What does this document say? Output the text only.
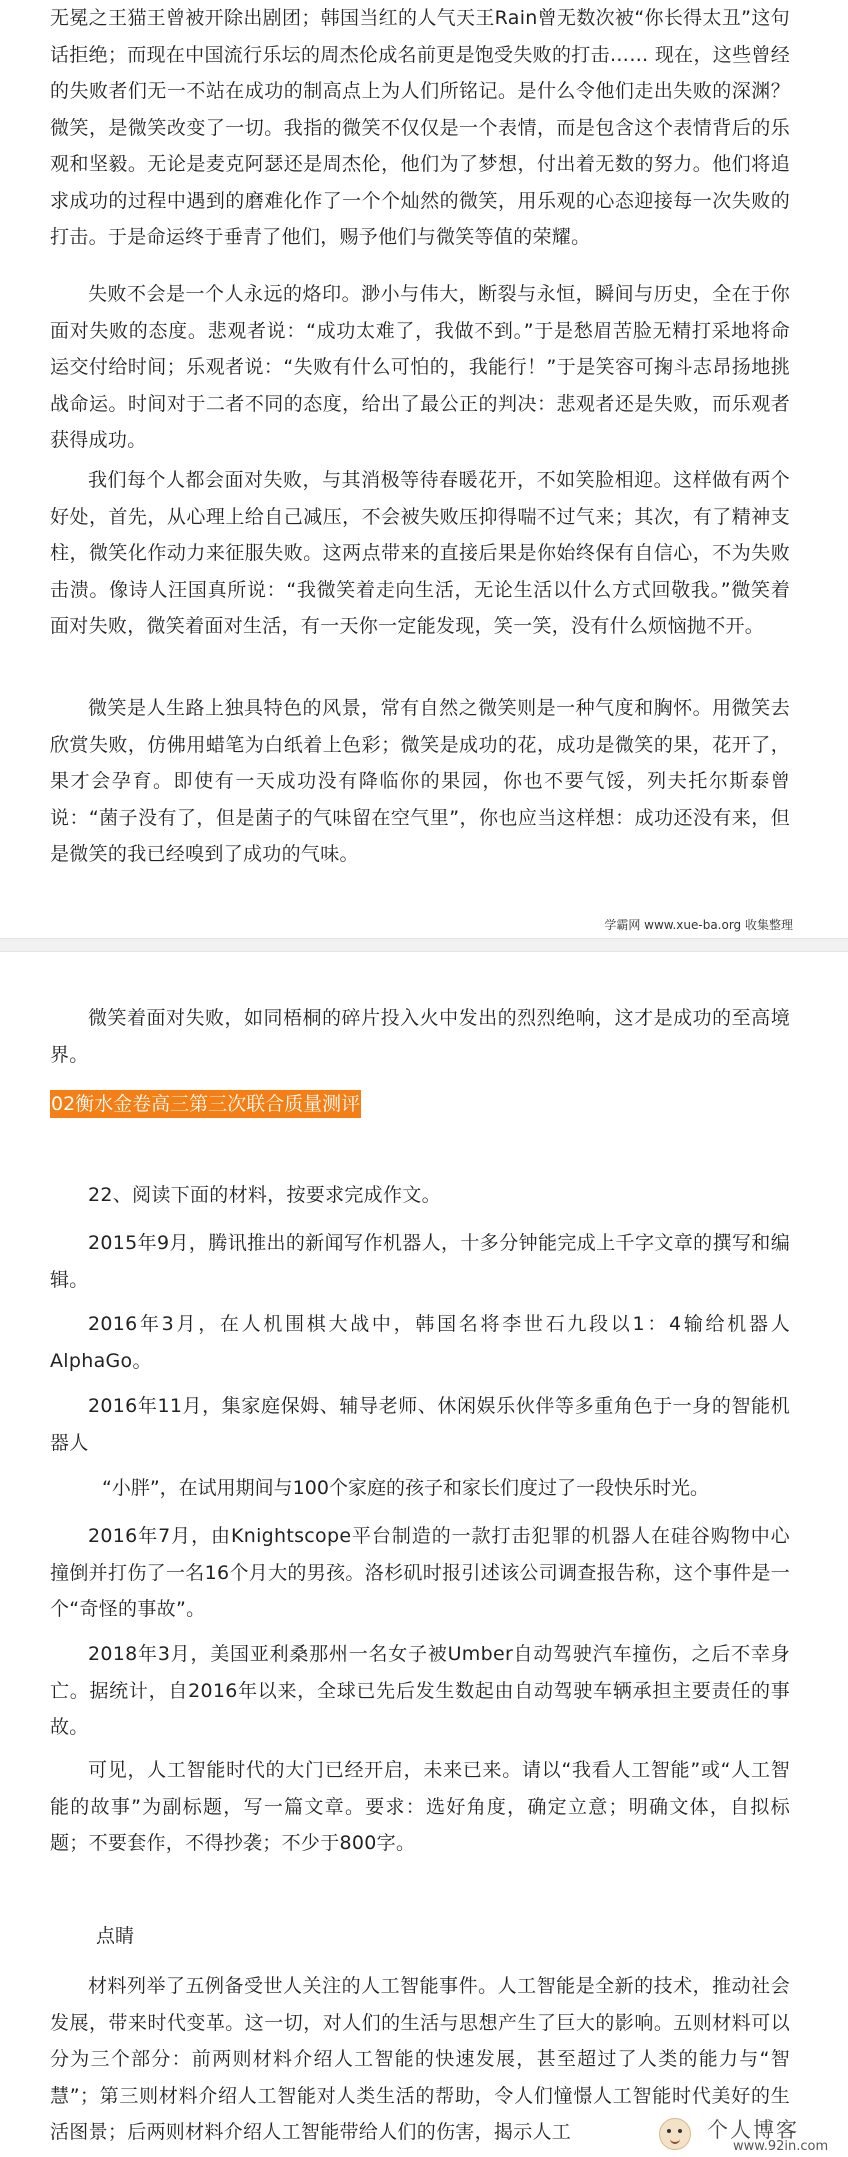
无冕之王猫王曾被开除出剧团；韩国当红的人气天王Rain曾无数次被“你长得太丑”这句话拒绝；而现在中国流行乐坛的周杰伦成名前更是饱受失败的打击…… 现在，这些曾经的失败者们无一不站在成功的制高点上为人们所铭记。是什么令他们走出失败的深渊？微笑，是微笑改变了一切。我指的微笑不仅仅是一个表情，而是包含这个表情背后的乐观和坚毅。无论是麦克阿瑟还是周杰伦，他们为了梦想，付出着无数的努力。他们将追求成功的过程中遇到的磨难化作了一个个灿然的微笑，用乐观的心态迎接每一次失败的打击。于是命运终于垂青了他们，赐予他们与微笑等值的荣耀。

失败不会是一个人永远的烙印。渺小与伟大，断裂与永恒，瞬间与历史，全在于你面对失败的态度。悲观者说：“成功太难了，我做不到。”于是愁眉苦脸无精打采地将命运交付给时间；乐观者说：“失败有什么可怕的，我能行！”于是笑容可掬斗志昂扬地挑战命运。时间对于二者不同的态度，给出了最公正的判决：悲观者还是失败，而乐观者获得成功。

我们每个人都会面对失败，与其消极等待春暖花开，不如笑脸相迎。这样做有两个好处，首先，从心理上给自己减压，不会被失败压抑得喘不过气来；其次，有了精神支柱，微笑化作动力来征服失败。这两点带来的直接后果是你始终保有自信心，不为失败击溃。像诗人汪国真所说：“我微笑着走向生活，无论生活以什么方式回敬我。”微笑着面对失败，微笑着面对生活，有一天你一定能发现，笑一笑，没有什么烦恼抛不开。

微笑是人生路上独具特色的风景，常有自然之微笑则是一种气度和胸怀。用微笑去欣赏失败，仿佛用蜡笔为白纸着上色彩；微笑是成功的花，成功是微笑的果，花开了，果才会孕育。即使有一天成功没有降临你的果园，你也不要气馁，列夫托尔斯泰曾说：“菌子没有了，但是菌子的气味留在空气里”，你也应当这样想：成功还没有来，但是微笑的我已经嗅到了成功的气味。

学霸网 www.xue-ba.org 收集整理

微笑着面对失败，如同梧桐的碎片投入火中发出的烈烈绝响，这才是成功的至高境界。

02衡水金卷高三第三次联合质量测评

22、阅读下面的材料，按要求完成作文。

2015年9月，腾讯推出的新闻写作机器人，十多分钟能完成上千字文章的撰写和编辑。

2016年3月，在人机围棋大战中，韩国名将李世石九段以1：4输给机器人AlphaGo。

2016年11月，集家庭保姆、辅导老师、休闲娱乐伙伴等多重角色于一身的智能机器人

“小胖”，在试用期间与100个家庭的孩子和家长们度过了一段快乐时光。

2016年7月，由Knightscope平台制造的一款打击犯罪的机器人在硅谷购物中心撞倒并打伤了一名16个月大的男孩。洛杉矶时报引述该公司调查报告称，这个事件是一个“奇怪的事故”。

2018年3月，美国亚利桑那州一名女子被Umber自动驾驶汽车撞伤，之后不幸身亡。据统计，自2016年以来，全球已先后发生数起由自动驾驶车辆承担主要责任的事故。

可见，人工智能时代的大门已经开启，未来已来。请以“我看人工智能”或“人工智能的故事”为副标题，写一篇文章。要求：选好角度，确定立意；明确文体，自拟标题；不要套作，不得抄袭；不少于800字。

点睛

材料列举了五例备受世人关注的人工智能事件。人工智能是全新的技术，推动社会发展，带来时代变革。这一切，对人们的生活与思想产生了巨大的影响。五则材料可以分为三个部分：前两则材料介绍人工智能的快速发展，甚至超过了人类的能力与“智慧”；第三则材料介绍人工智能对人类生活的帮助，令人们憧憬人工智能时代美好的生活图景；后两则材料介绍人工智能带给人们的伤害，揭示人工	个人博客
www.92in.com
